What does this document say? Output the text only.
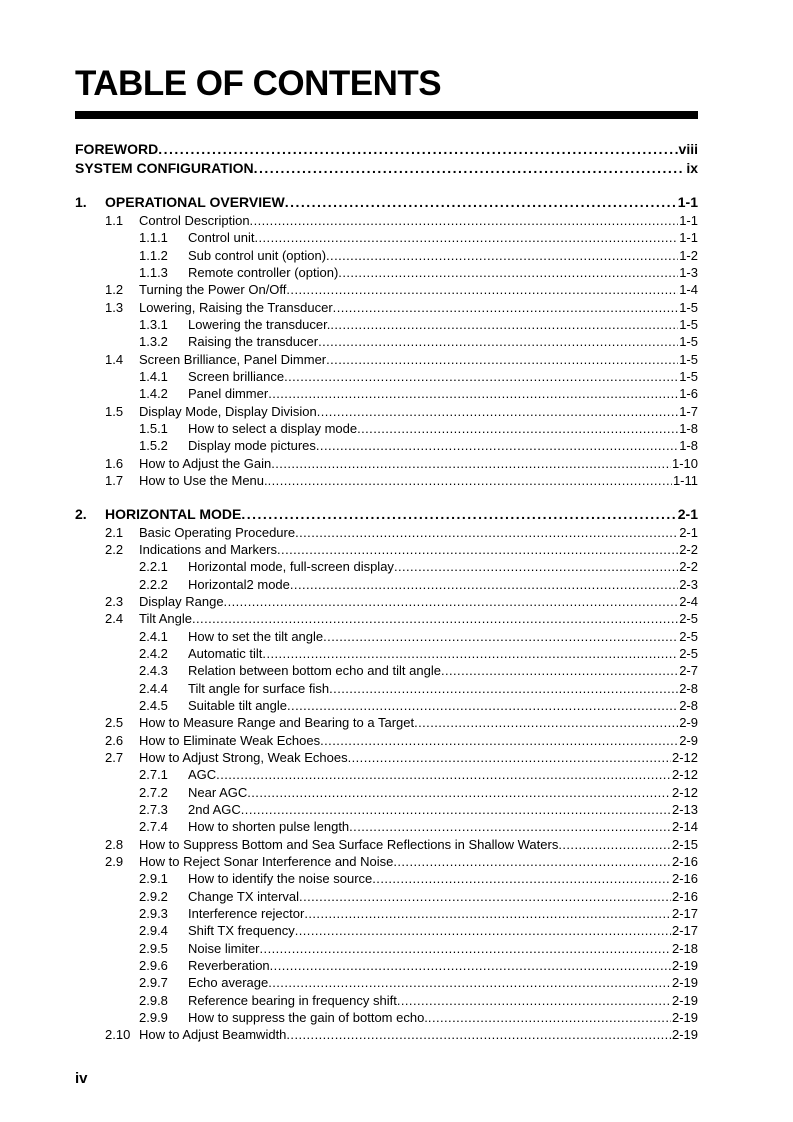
TABLE OF CONTENTS
FOREWORD . . .	viii
SYSTEM CONFIGURATION . . .	ix
1.	OPERATIONAL OVERVIEW . . .	1-1
1.1	Control Description . . .	1-1
1.1.1	Control unit . . .	1-1
1.1.2	Sub control unit (option) . . .	1-2
1.1.3	Remote controller (option) . . .	1-3
1.2	Turning the Power On/Off . . .	1-4
1.3	Lowering, Raising the Transducer . . .	1-5
1.3.1	Lowering the transducer. . . .	1-5
1.3.2	Raising the transducer . . .	1-5
1.4	Screen Brilliance, Panel Dimmer . . .	1-5
1.4.1	Screen brilliance . . .	1-5
1.4.2	Panel dimmer . . .	1-6
1.5	Display Mode, Display Division . . .	1-7
1.5.1	How to select a display mode . . .	1-8
1.5.2	Display mode pictures . . .	1-8
1.6	How to Adjust the Gain . . .	1-10
1.7	How to Use the Menu. . . .	1-11
2.	HORIZONTAL MODE . . .	2-1
2.1	Basic Operating Procedure . . .	2-1
2.2	Indications and Markers . . .	2-2
2.2.1	Horizontal mode, full-screen display . . .	2-2
2.2.2	Horizontal2 mode . . .	2-3
2.3	Display Range . . .	2-4
2.4	Tilt Angle . . .	2-5
2.4.1	How to set the tilt angle . . .	2-5
2.4.2	Automatic tilt . . .	2-5
2.4.3	Relation between bottom echo and tilt angle . . .	2-7
2.4.4	Tilt angle for surface fish . . .	2-8
2.4.5	Suitable tilt angle . . .	2-8
2.5	How to Measure Range and Bearing to a Target . . .	2-9
2.6	How to Eliminate Weak Echoes . . .	2-9
2.7	How to Adjust Strong, Weak Echoes . . .	2-12
2.7.1	AGC . . .	2-12
2.7.2	Near AGC . . .	2-12
2.7.3	2nd AGC . . .	2-13
2.7.4	How to shorten pulse length . . .	2-14
2.8	How to Suppress Bottom and Sea Surface Reflections in Shallow Waters . . .	2-15
2.9	How to Reject Sonar Interference and Noise . . .	2-16
2.9.1	How to identify the noise source . . .	2-16
2.9.2	Change TX interval . . .	2-16
2.9.3	Interference rejector . . .	2-17
2.9.4	Shift TX frequency . . .	2-17
2.9.5	Noise limiter . . .	2-18
2.9.6	Reverberation . . .	2-19
2.9.7	Echo average . . .	2-19
2.9.8	Reference bearing in frequency shift . . .	2-19
2.9.9	How to suppress the gain of bottom echo. . . .	2-19
2.10 How to Adjust Beamwidth . . .	2-19
iv
